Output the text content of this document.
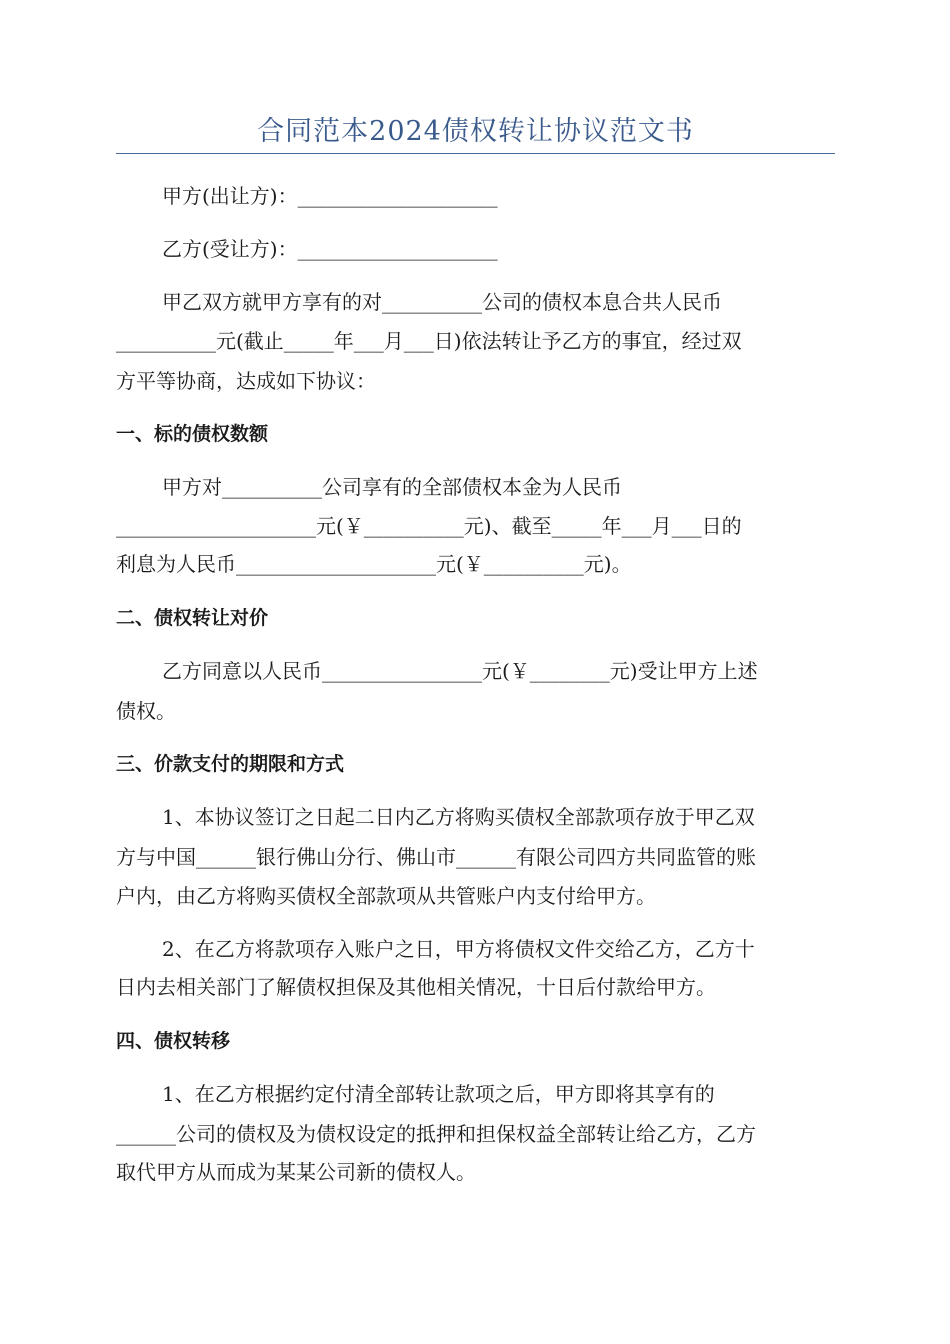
合同范本2024债权转让协议范文书
甲方(出让方)：____________________
乙方(受让方)：____________________
甲乙双方就甲方享有的对__________公司的债权本息合共人民币
__________元(截止_____年___月___日)依法转让予乙方的事宜，经过双
方平等协商，达成如下协议：
一、标的债权数额
甲方对__________公司享有的全部债权本金为人民币
____________________元(￥__________元)、截至_____年___月___日的
利息为人民币____________________元(￥__________元)。
二、债权转让对价
乙方同意以人民币________________元(￥________元)受让甲方上述
债权。
三、价款支付的期限和方式
1、本协议签订之日起二日内乙方将购买债权全部款项存放于甲乙双
方与中国______银行佛山分行、佛山市______有限公司四方共同监管的账
户内，由乙方将购买债权全部款项从共管账户内支付给甲方。
2、在乙方将款项存入账户之日，甲方将债权文件交给乙方，乙方十
日内去相关部门了解债权担保及其他相关情况，十日后付款给甲方。
四、债权转移
1、在乙方根据约定付清全部转让款项之后，甲方即将其享有的
______公司的债权及为债权设定的抵押和担保权益全部转让给乙方，乙方
取代甲方从而成为某某公司新的债权人。
